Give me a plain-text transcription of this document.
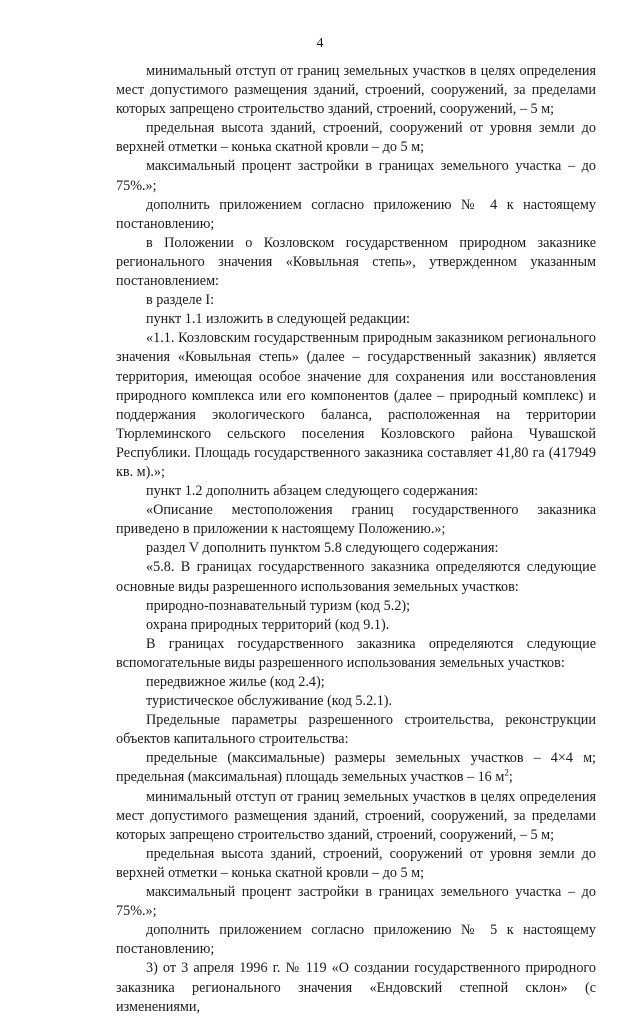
4

минимальный отступ от границ земельных участков в целях определения мест допустимого размещения зданий, строений, сооружений, за пределами которых запрещено строительство зданий, строений, сооружений, – 5 м;

предельная высота зданий, строений, сооружений от уровня земли до верхней отметки – конька скатной кровли – до 5 м;

максимальный процент застройки в границах земельного участка – до 75%.»;

дополнить приложением согласно приложению № 4 к настоящему постановлению;

в Положении о Козловском государственном природном заказнике регионального значения «Ковыльная степь», утвержденном указанным постановлением:

в разделе I:

пункт 1.1 изложить в следующей редакции:

«1.1. Козловским государственным природным заказником регионального значения «Ковыльная степь» (далее – государственный заказник) является территория, имеющая особое значение для сохранения или восстановления природного комплекса или его компонентов (далее – природный комплекс) и поддержания экологического баланса, расположенная на территории Тюрлеминского сельского поселения Козловского района Чувашской Республики. Площадь государственного заказника составляет 41,80 га (417949 кв. м).»;

пункт 1.2 дополнить абзацем следующего содержания:

«Описание местоположения границ государственного заказника приведено в приложении к настоящему Положению.»;

раздел V дополнить пунктом 5.8 следующего содержания:

«5.8. В границах государственного заказника определяются следующие основные виды разрешенного использования земельных участков:

природно-познавательный туризм (код 5.2);

охрана природных территорий (код 9.1).

В границах государственного заказника определяются следующие вспомогательные виды разрешенного использования земельных участков:

передвижное жилье (код 2.4);

туристическое обслуживание (код 5.2.1).

Предельные параметры разрешенного строительства, реконструкции объектов капитального строительства:

предельные (максимальные) размеры земельных участков – 4×4 м; предельная (максимальная) площадь земельных участков – 16 $м^2$;

минимальный отступ от границ земельных участков в целях определения мест допустимого размещения зданий, строений, сооружений, за пределами которых запрещено строительство зданий, строений, сооружений, – 5 м;

предельная высота зданий, строений, сооружений от уровня земли до верхней отметки – конька скатной кровли – до 5 м;

максимальный процент застройки в границах земельного участка – до 75%.»;

дополнить приложением согласно приложению № 5 к настоящему постановлению;

3) от 3 апреля 1996 г. № 119 «О создании государственного природного заказника регионального значения «Ендовский степной склон» (с изменениями,
